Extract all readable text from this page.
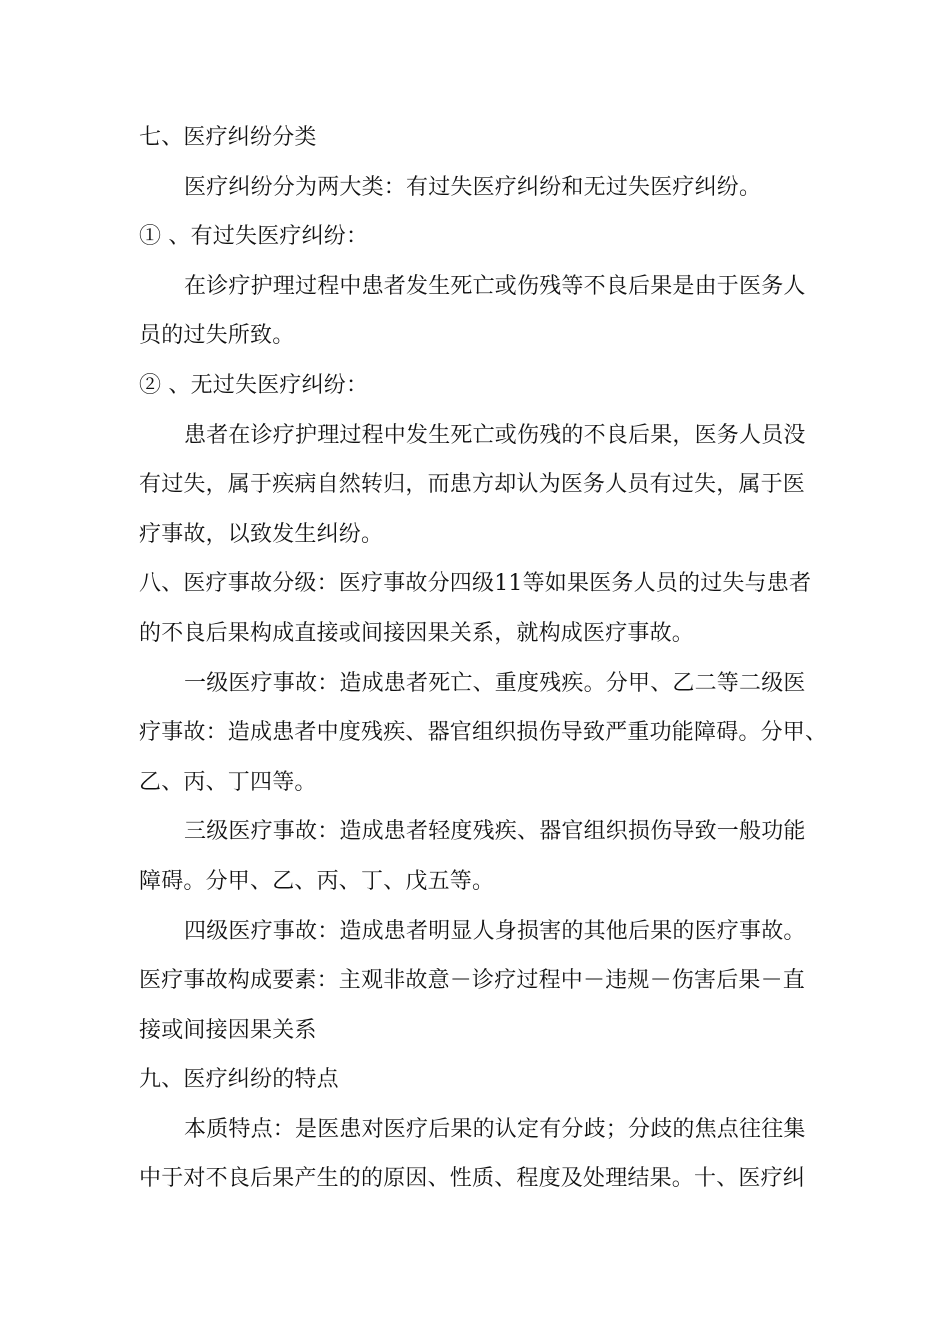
七、医疗纠纷分类
医疗纠纷分为两大类：有过失医疗纠纷和无过失医疗纠纷。
① 、有过失医疗纠纷：
在诊疗护理过程中患者发生死亡或伤残等不良后果是由于医务人
员的过失所致。
② 、无过失医疗纠纷：
患者在诊疗护理过程中发生死亡或伤残的不良后果，医务人员没
有过失，属于疾病自然转归，而患方却认为医务人员有过失，属于医
疗事故，以致发生纠纷。
八、医疗事故分级：医疗事故分四级11等如果医务人员的过失与患者
的不良后果构成直接或间接因果关系，就构成医疗事故。
一级医疗事故：造成患者死亡、重度残疾。分甲、乙二等二级医
疗事故：造成患者中度残疾、器官组织损伤导致严重功能障碍。分甲、
乙、丙、丁四等。
三级医疗事故：造成患者轻度残疾、器官组织损伤导致一般功能
障碍。分甲、乙、丙、丁、戊五等。
四级医疗事故：造成患者明显人身损害的其他后果的医疗事故。
医疗事故构成要素：主观非故意－诊疗过程中－违规－伤害后果－直
接或间接因果关系
九、医疗纠纷的特点
本质特点：是医患对医疗后果的认定有分歧；分歧的焦点往往集
中于对不良后果产生的的原因、性质、程度及处理结果。十、医疗纠
